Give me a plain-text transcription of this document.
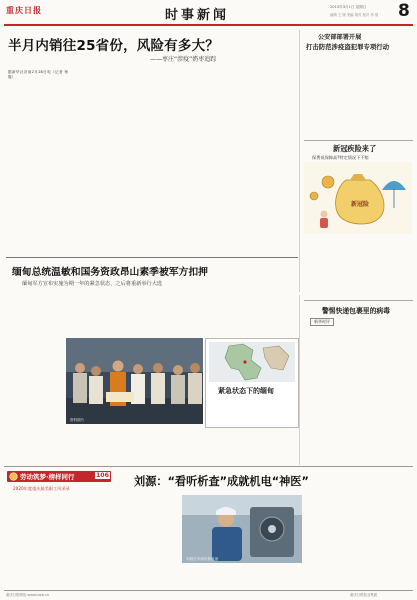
重庆日报	时事新闻
2015年3月1日 星期日
编辑 王 刚 美编 胡茂 校对 李 翔 8
半月内销往25省份，风险有多大？
——枣庄“涉疫”奶枣追踪
据新华社济南2月28日电（记者 杨 璇）
公安部部署开展
打击防范涉疫盗犯罪专项行动
新冠疾险来了
保费低保障高?特定情况下不赔
新冠险
缅甸总统温敏和国务资政昂山素季被军方扣押
缅甸军方宣布实施为期一年的紧急状态，之后将重新举行大选
资料图片
紧急状态下的缅甸
警惕快递包裹里的病毒
新华时评
劳动筑梦·榜样同行	106
2020年度重庆最美职工风采录
刘源：“看听析查”成就机电“神医”
刘源在车间检修设备
重庆日报网址 www.cqrb.cn	重庆日报报业集团
